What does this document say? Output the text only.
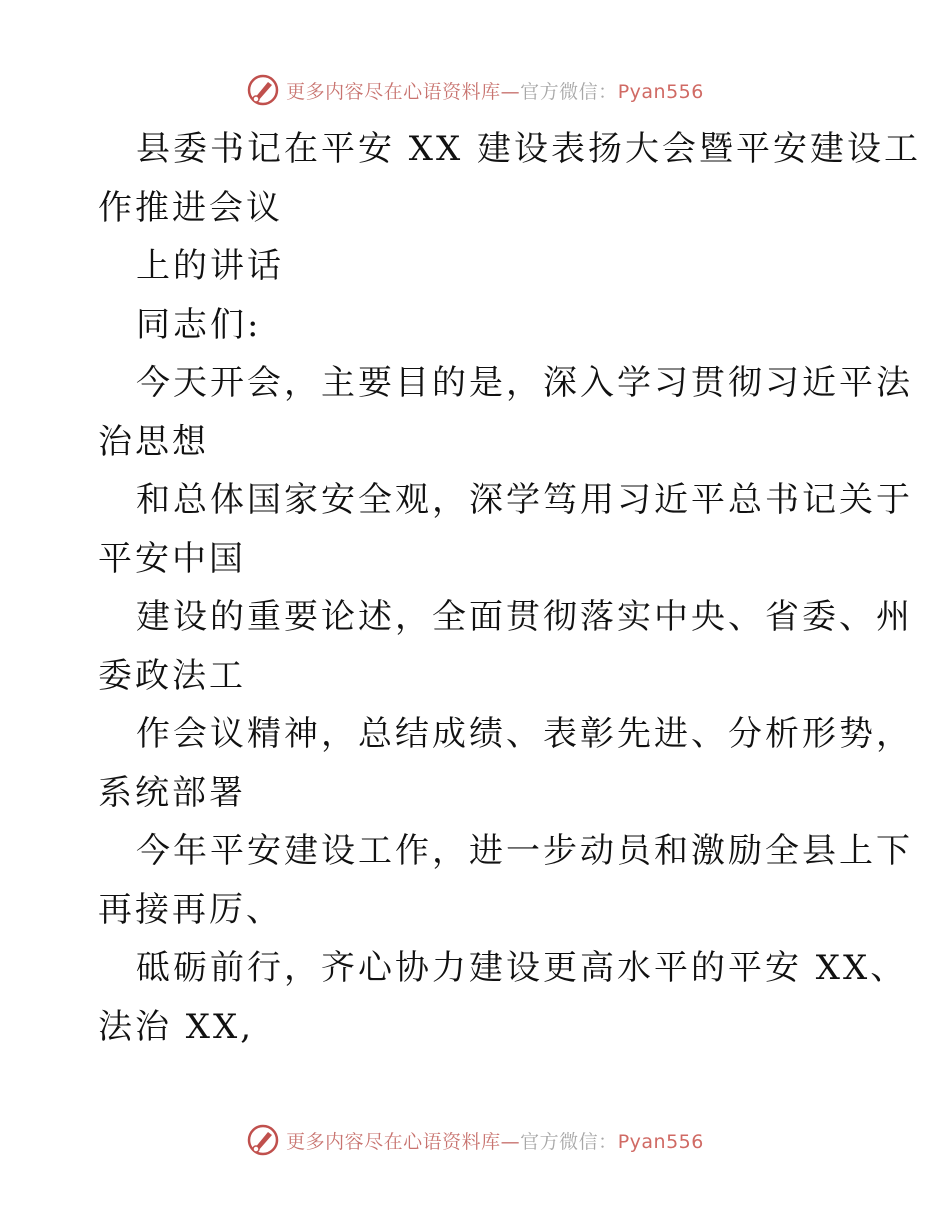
更多内容尽在心语资料库—官方微信：Pyan556
县委书记在平安 XX 建设表扬大会暨平安建设工
作推进会议
上的讲话
同志们:
今天开会，主要目的是，深入学习贯彻习近平法
治思想
和总体国家安全观，深学笃用习近平总书记关于
平安中国
建设的重要论述，全面贯彻落实中央、省委、州
委政法工
作会议精神，总结成绩、表彰先进、分析形势，
系统部署
今年平安建设工作，进一步动员和激励全县上下
再接再厉、
砥砺前行，齐心协力建设更高水平的平安 XX、
法治 XX,
更多内容尽在心语资料库—官方微信：Pyan556
